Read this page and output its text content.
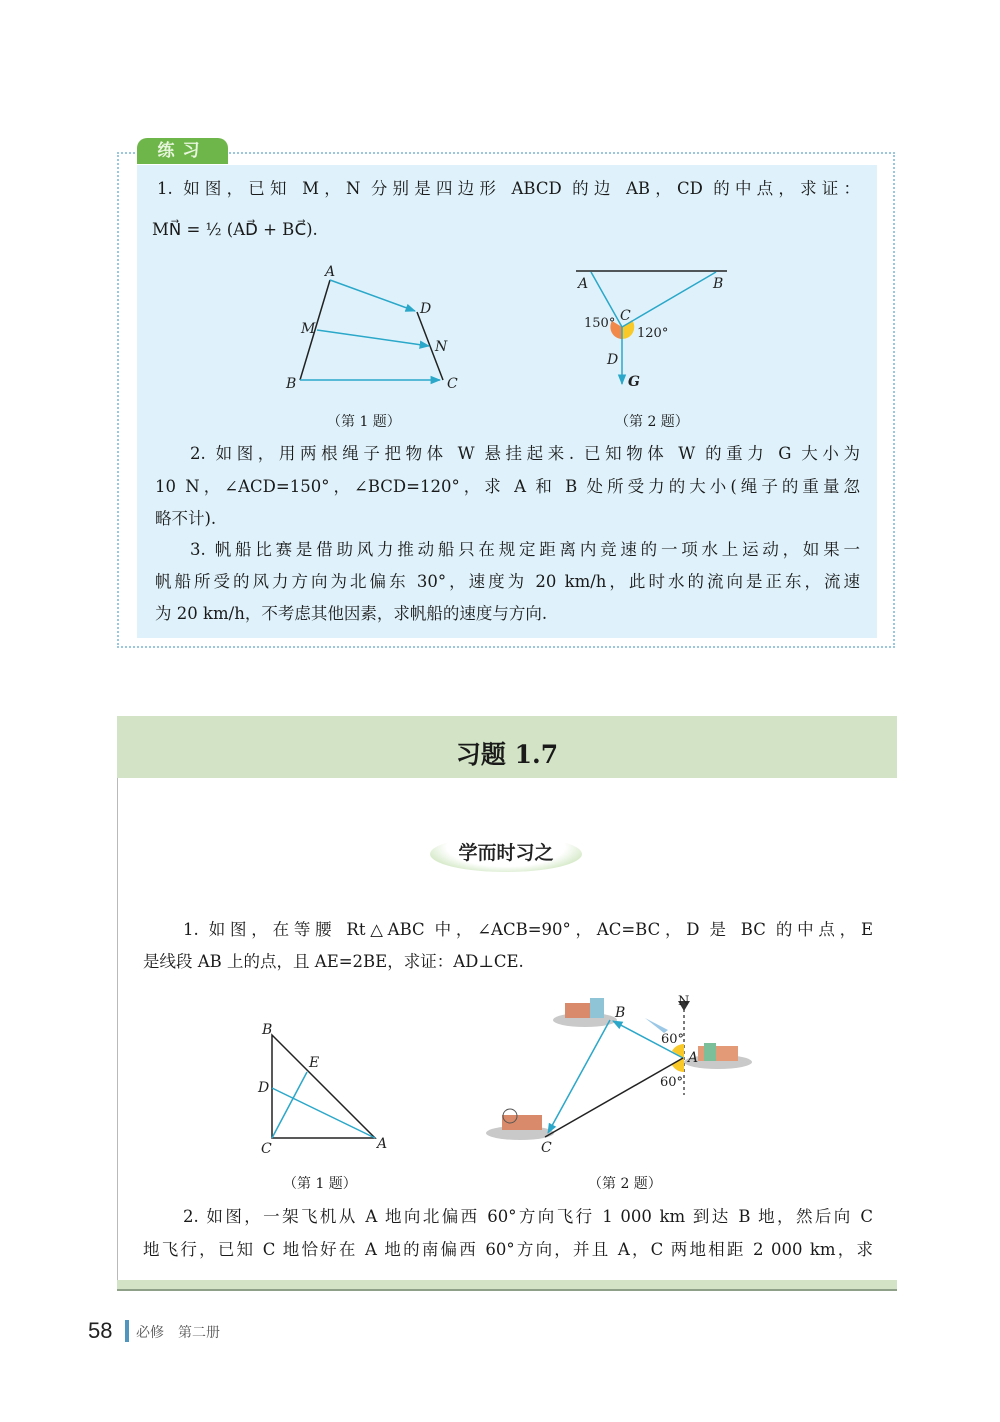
练习
1. 如图，已知 M，N 分别是四边形 ABCD 的边 AB，CD 的中点，求证：
MN⃗ = ½ (AD⃗ + BC⃗).
A
D
M
N
B	C
（第 1 题）
A	B
C
D
G
150°
120°
（第 2 题）
2. 如图，用两根绳子把物体 W 悬挂起来. 已知物体 W 的重力 G 大小为
10 N，∠ACD=150°，∠BCD=120°，求 A 和 B 处所受力的大小(绳子的重量忽
略不计).
3. 帆船比赛是借助风力推动船只在规定距离内竞速的一项水上运动，如果一
帆船所受的风力方向为北偏东 30°，速度为 20 km/h，此时水的流向是正东，流速
为 20 km/h，不考虑其他因素，求帆船的速度与方向.
习题 1.7
学而时习之
1. 如图，在等腰 Rt△ABC 中，∠ACB=90°，AC=BC，D 是 BC 的中点，E
是线段 AB 上的点，且 AE=2BE，求证：AD⊥CE.
B
E
D
C	A
（第 1 题）
B
A
C
N
60°
60°
（第 2 题）
2. 如图，一架飞机从 A 地向北偏西 60°方向飞行 1 000 km 到达 B 地，然后向 C
地飞行，已知 C 地恰好在 A 地的南偏西 60°方向，并且 A，C 两地相距 2 000 km，求
58 必修　第二册
